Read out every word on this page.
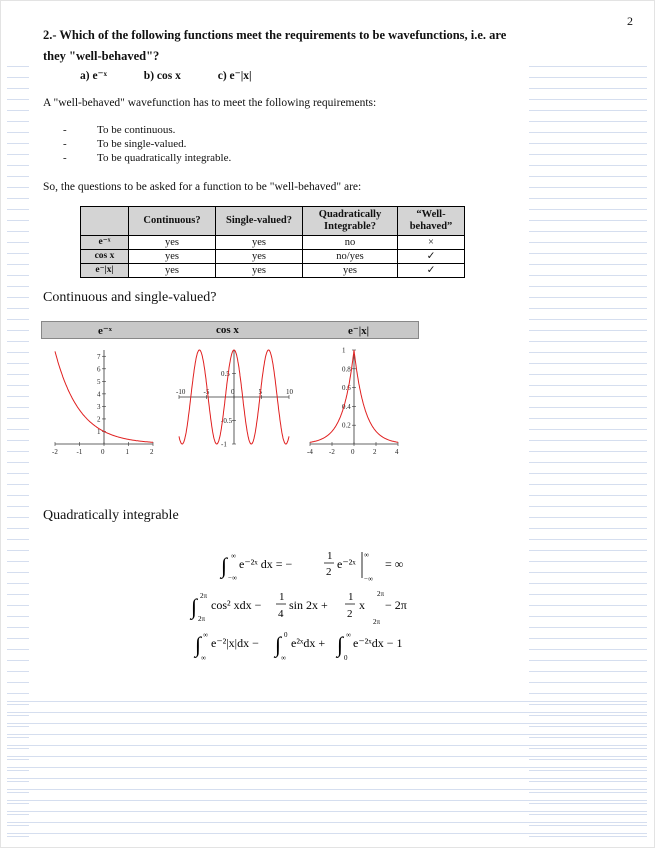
2
2.- Which of the following functions meet the requirements to be wavefunctions, i.e. are they "well-behaved"?
a) e⁻ˣ	b) cos x	c) e⁻|x|
A "well-behaved" wavefunction has to meet the following requirements:
- To be continuous.
- To be single-valued.
- To be quadratically integrable.
So, the questions to be asked for a function to be "well-behaved" are:
	Continuous?	Single-valued?	Quadratically Integrable?	“Well-behaved”
e⁻ˣ	yes	yes	no	×
cos x	yes	yes	no/yes	✓
e⁻|x|	yes	yes	yes	✓
Continuous and single-valued?
e⁻ˣ	cos x	e⁻|x|
-2	-1	0	1	2
1
2
3
4
5
6
7
-10	-5	0	5	10
0.5
-0.5
-1
-4 -2 0	2	4
0.2
0.4
0.6
0.8
1
Quadratically integrable
∫ ∞
−∞
e⁻²ˣ dx = −
1
2
e⁻²ˣ
∞
−∞
= ∞
∫ 2π
2π
cos² xdx −
1
4
sin 2x +
1
2
x
2π
2π
− 2π
∫ ∞
∞
e⁻²|x|dx − ∫ 0
∞
e²ˣdx + ∫ ∞
0
e⁻²ˣdx − 1
